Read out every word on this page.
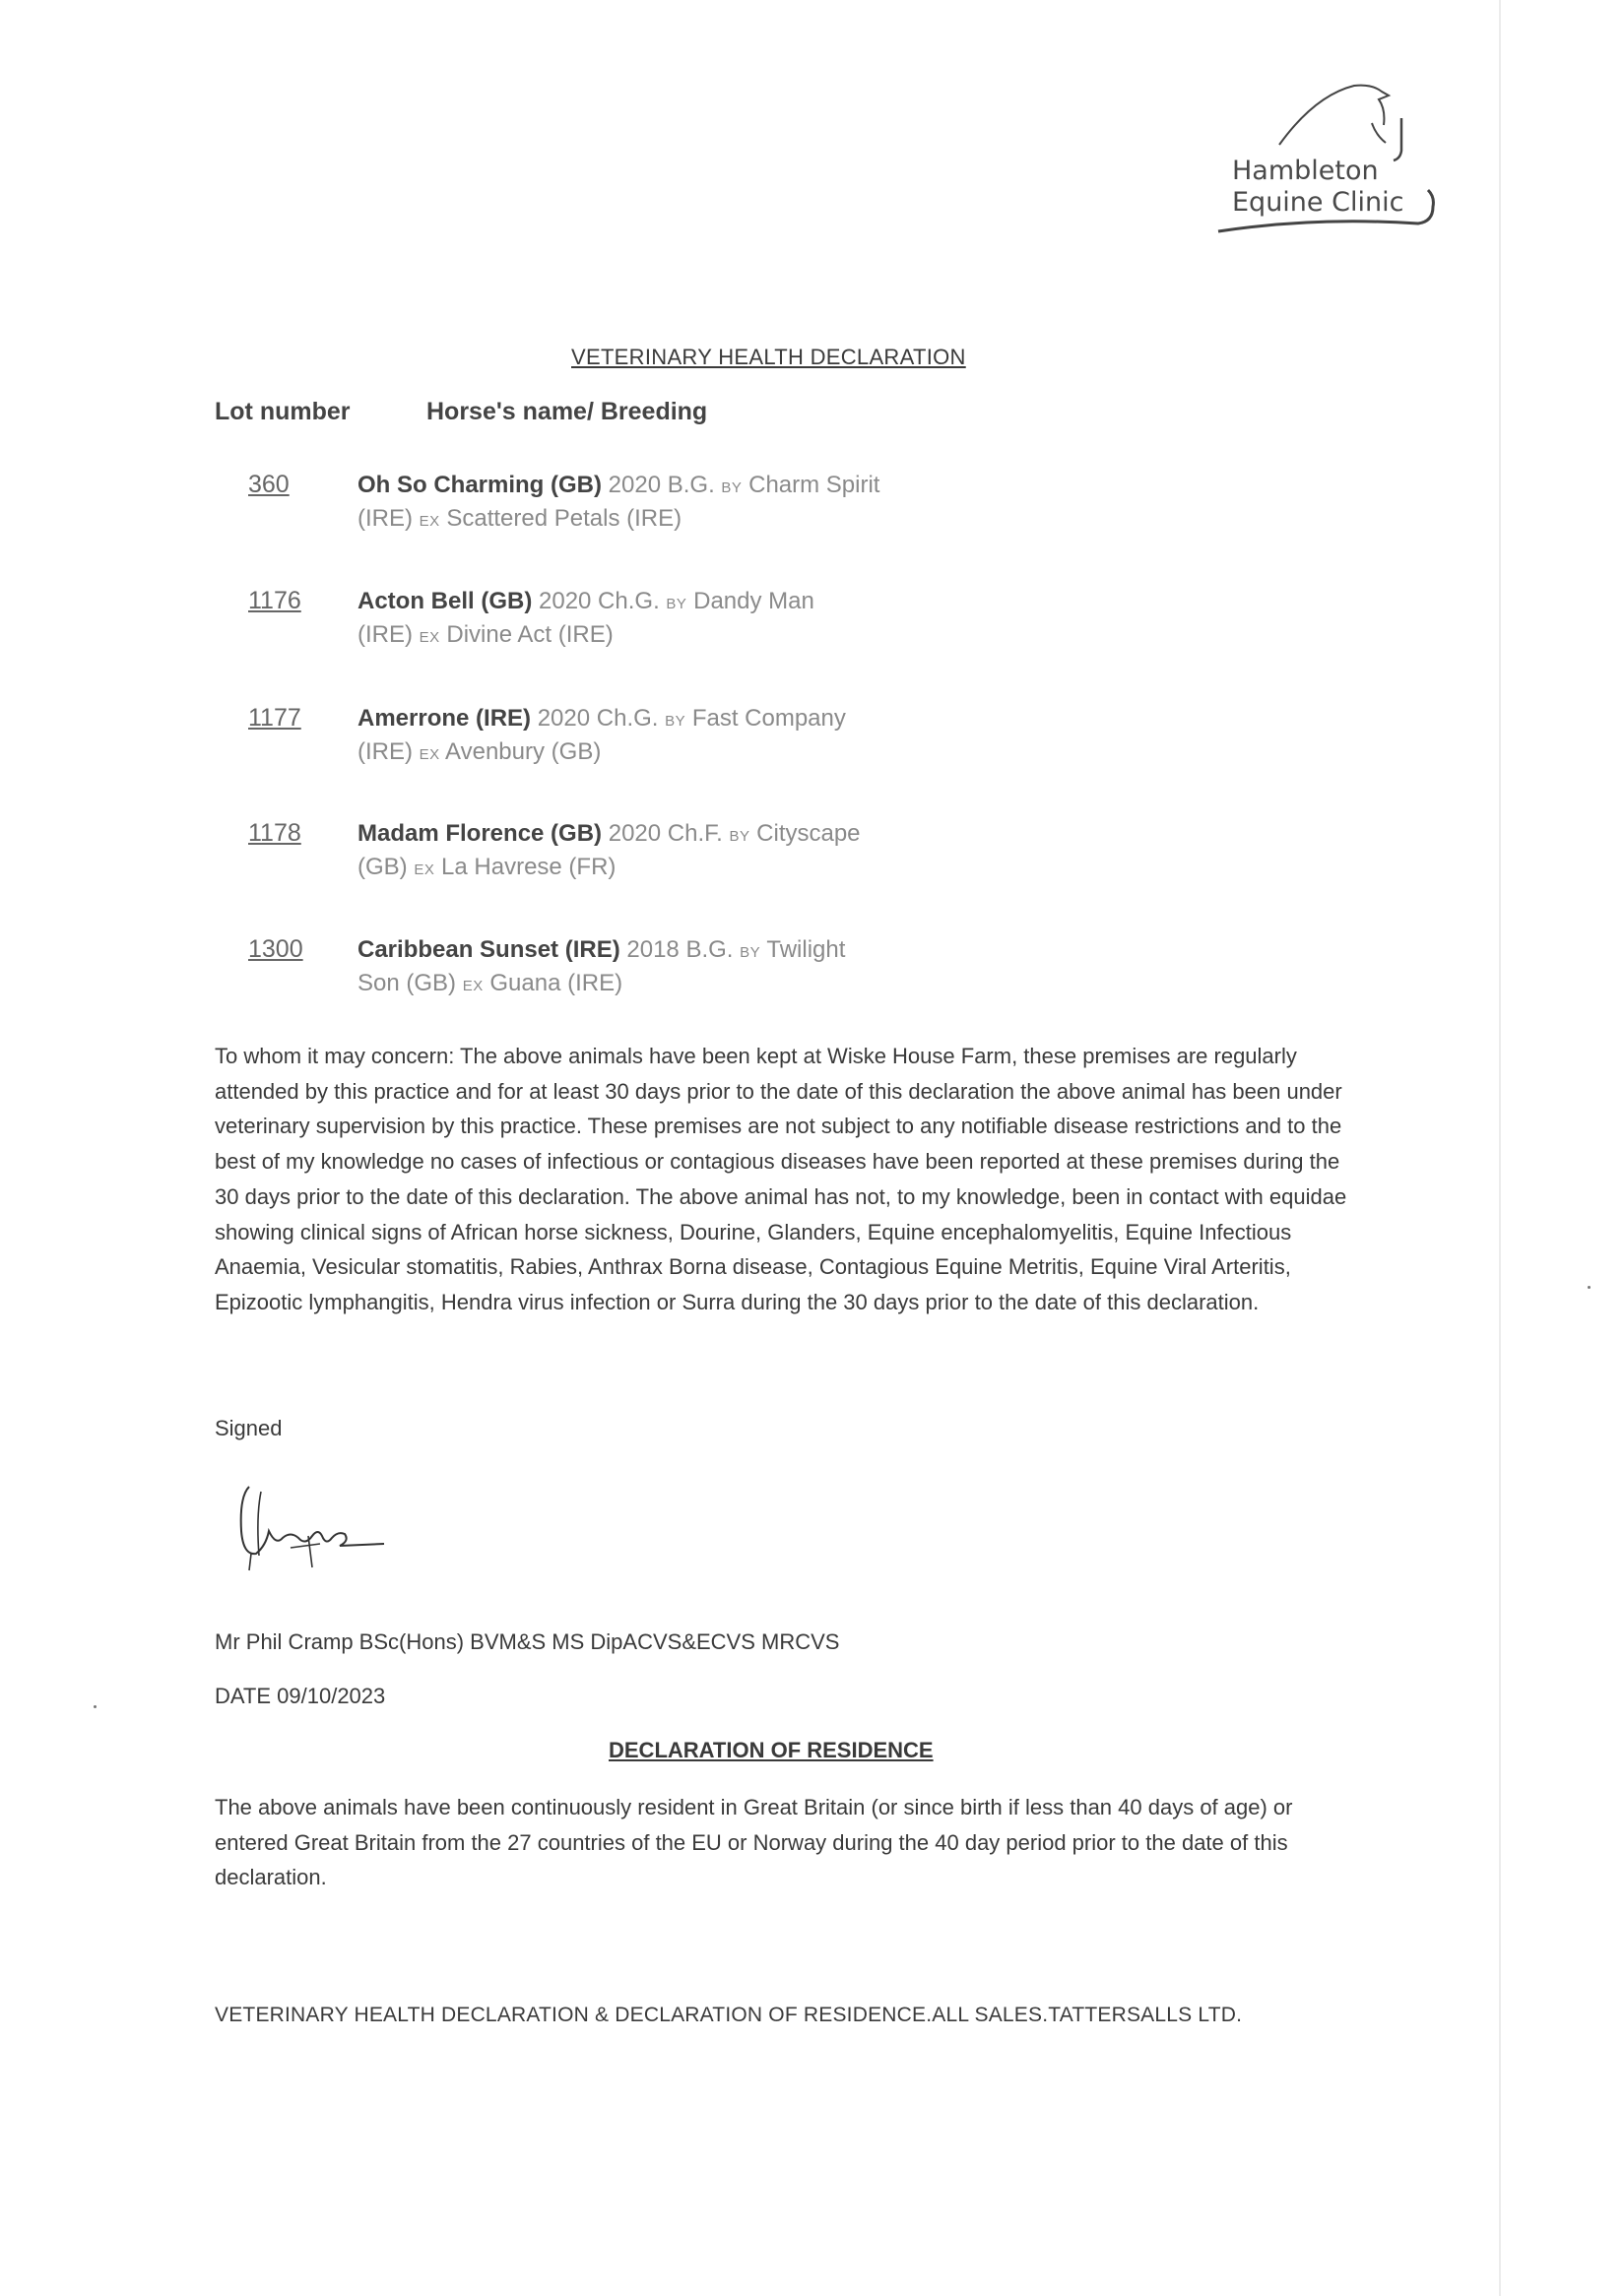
Hambleton
Equine Clinic
VETERINARY HEALTH DECLARATION
Lot number	Horse's name/ Breeding
360	Oh So Charming (GB) 2020 B.G. BY Charm Spirit
(IRE) EX Scattered Petals (IRE)
1176 Acton Bell (GB) 2020 Ch.G. BY Dandy Man
(IRE) EX Divine Act (IRE)
1177 Amerrone (IRE) 2020 Ch.G. BY Fast Company
(IRE) EX Avenbury (GB)
1178 Madam Florence (GB) 2020 Ch.F. BY Cityscape
(GB) EX La Havrese (FR)
1300 Caribbean Sunset (IRE) 2018 B.G. BY Twilight
Son (GB) EX Guana (IRE)
To whom it may concern: The above animals have been kept at Wiske House Farm, these premises are regularly attended by this practice and for at least 30 days prior to the date of this declaration the above animal has been under veterinary supervision by this practice. These premises are not subject to any notifiable disease restrictions and to the best of my knowledge no cases of infectious or contagious diseases have been reported at these premises during the 30 days prior to the date of this declaration. The above animal has not, to my knowledge, been in contact with equidae showing clinical signs of African horse sickness, Dourine, Glanders, Equine encephalomyelitis, Equine Infectious Anaemia, Vesicular stomatitis, Rabies, Anthrax Borna disease, Contagious Equine Metritis, Equine Viral Arteritis, Epizootic lymphangitis, Hendra virus infection or Surra during the 30 days prior to the date of this declaration.
Signed
Mr Phil Cramp BSc(Hons) BVM&S MS DipACVS&ECVS MRCVS
DATE 09/10/2023
DECLARATION OF RESIDENCE
The above animals have been continuously resident in Great Britain (or since birth if less than 40 days of age) or entered Great Britain from the 27 countries of the EU or Norway during the 40 day period prior to the date of this declaration.
VETERINARY HEALTH DECLARATION & DECLARATION OF RESIDENCE.ALL SALES.TATTERSALLS LTD.
